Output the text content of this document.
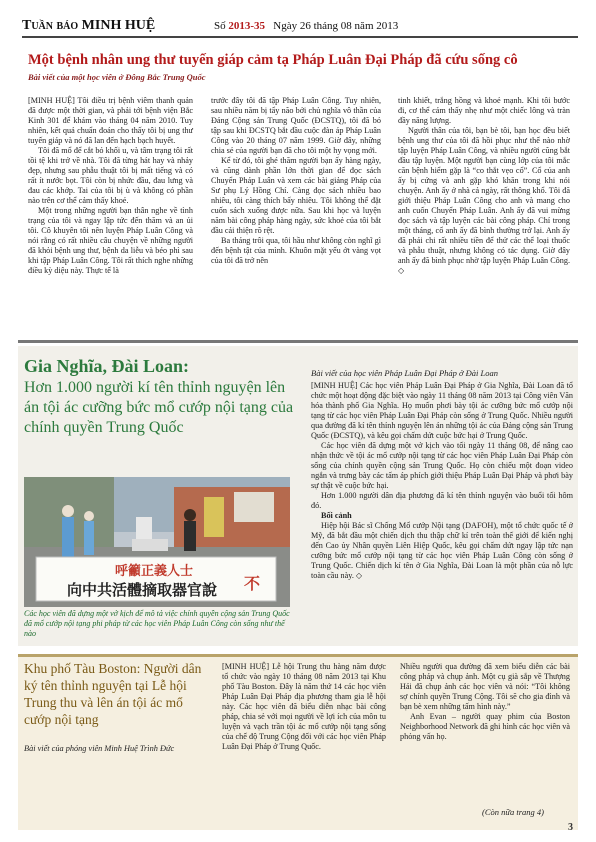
Tuần báo MINH HUỆ	Số 2013-35 Ngày 26 tháng 08 năm 2013
Một bệnh nhân ung thư tuyến giáp cảm tạ Pháp Luân Đại Pháp đã cứu sống cô
Bài viết của một học viên ở Đông Bắc Trung Quốc

[MINH HUỆ] Tôi điều trị bệnh viêm thanh quản đã được một thời gian, và phải tới bệnh viện Bắc Kinh 301 để khám vào tháng 04 năm 2010. Tuy nhiên, kết quả chuẩn đoán cho thấy tôi bị ung thư tuyến giáp và nó đã lan đến hạch bạch huyết.

Tôi đã mổ để cắt bỏ khối u, và tâm trạng tôi rất tồi tệ khi trở về nhà. Tôi đã từng hát hay và nhảy đẹp, nhưng sau phẫu thuật tôi bị mất tiếng và có rất ít nước bọt. Tôi còn bị nhức đầu, đau lưng và đau các khớp. Tai của tôi bị ù và không có phần nào trên cơ thể cảm thấy khoẻ.

Một trong những người bạn thân nghe về tình trạng của tôi và ngay lập tức đến thăm và an ủi tôi. Cô khuyên tôi nên luyện Pháp Luân Công và nói rằng có rất nhiều câu chuyện về những người đã khỏi bệnh ung thư, bệnh da liễu và béo phì sau khi tập Pháp Luân Công. Tôi rất thích nghe những điều kỳ diệu này. Thực tế là

trước đây tôi đã tập Pháp Luân Công. Tuy nhiên, sau nhiều năm bị tẩy não bởi chủ nghĩa vô thần của Đảng Cộng sản Trung Quốc (ĐCSTQ), tôi đã bỏ tập sau khi ĐCSTQ bắt đầu cuộc đàn áp Pháp Luân Công vào 20 tháng 07 năm 1999. Giờ đây, những chia sẻ của người bạn đã cho tôi một hy vọng mới.

Kể từ đó, tôi ghé thăm người bạn ấy hàng ngày, và cũng dành phần lớn thời gian để đọc sách Chuyển Pháp Luân và xem các bài giảng Pháp của Sư phụ Lý Hồng Chí. Càng đọc sách nhiều bao nhiêu, tôi càng thích bấy nhiêu. Tôi không thể đặt cuốn sách xuống được nữa. Sau khi học và luyện năm bài công pháp hàng ngày, sức khoẻ của tôi bắt đầu cải thiện rõ rệt.

Ba tháng trôi qua, tôi hầu như không còn nghĩ gì đến bệnh tật của mình. Khuôn mặt yếu ớt vàng vọt của tôi đã trở nên

tinh khiết, trắng hồng và khoẻ mạnh. Khi tôi bước đi, cơ thể cảm thấy nhẹ như một chiếc lông và tràn đầy năng lượng.

Người thân của tôi, bạn bè tôi, bạn học đều biết bệnh ung thư của tôi đã hồi phục như thế nào nhờ tập luyện Pháp Luân Công, và nhiều người cũng bắt đầu tập luyện. Một người bạn cùng lớp của tôi mắc căn bệnh hiểm gặp là “co thắt vẹo cổ”. Cổ của anh ấy bị cứng và anh gặp khó khăn trong khi nói chuyện. Anh ấy ở nhà cả ngày, rất thông khổ. Tôi đã giới thiệu Pháp Luân Công cho anh và mang cho anh cuốn Chuyển Pháp Luân. Anh ấy đã vui mừng đọc sách và tập luyện các bài công pháp. Chỉ trong một tháng, cổ anh ấy đã bình thường trở lại. Anh ấy đã phải chi rất nhiều tiền để thử các thể loại thuốc và phẫu thuật, nhưng không có tác dụng. Giờ đây anh ấy đã bình phục nhờ tập luyện Pháp Luân Công. ◇

Gia Nghĩa, Đài Loan:
Hơn 1.000 người kí tên thỉnh nguyện lên án tội ác cưỡng bức mổ cướp nội tạng của chính quyền Trung Quốc
Bài viết của học viên Pháp Luân Đại Pháp ở Đài Loan
呼籲正義人士
向中共活體摘取器官說 不
Các học viên đã dựng một vở kịch để mô tả việc chính quyền cộng sản Trung Quốc đã mổ cướp nội tạng phi pháp từ các học viên Pháp Luân Công còn sống như thế nào

[MINH HUỆ] Các học viên Pháp Luân Đại Pháp ở Gia Nghĩa, Đài Loan đã tổ chức một hoạt động đặc biệt vào ngày 11 tháng 08 năm 2013 tại Công viên Văn hóa thành phố Gia Nghĩa. Họ muốn phơi bày tội ác cưỡng bức mổ cướp nội tạng từ các học viên Pháp Luân Đại Pháp còn sống ở Trung Quốc. Nhiều người qua đường đã kí tên thỉnh nguyện lên án những tội ác của Đảng cộng sản Trung Quốc (ĐCSTQ), và kêu gọi chấm dứt cuộc bức hại ở Trung Quốc.

Các học viên đã dựng một vở kịch vào tối ngày 11 tháng 08, để nâng cao nhận thức về tội ác mổ cướp nội tạng từ các học viên Pháp Luân Đại Pháp còn sống của chính quyền cộng sản Trung Quốc. Họ còn chiếu một đoạn video ngắn và trưng bày các tấm áp phích giới thiệu Pháp Luân Đại Pháp và phơi bày sự thật về cuộc bức hại.

Hơn 1.000 người dân địa phương đã kí tên thỉnh nguyện vào buổi tối hôm đó.

Bối cảnh

Hiệp hội Bác sĩ Chống Mổ cướp Nội tạng (DAFOH), một tổ chức quốc tế ở Mỹ, đã bắt đầu một chiến dịch thu thập chữ kí trên toàn thế giới để kiến nghị đến Cao ủy Nhân quyền Liên Hiệp Quốc, kêu gọi chấm dứt ngay lập tức nạn cưỡng bức mổ cướp nội tạng từ các học viên Pháp Luân Công còn sống ở Trung Quốc. Chiến dịch kí tên ở Gia Nghĩa, Đài Loan là một phần của nỗ lực toàn cầu này. ◇

Khu phố Tàu Boston: Người dân ký tên thỉnh nguyện tại Lễ hội Trung thu và lên án tội ác mổ cướp nội tạng
Bài viết của phóng viên Minh Huệ Trình Đức

[MINH HUỆ] Lễ hội Trung thu hàng năm được tổ chức vào ngày 10 tháng 08 năm 2013 tại Khu phố Tàu Boston. Đây là năm thứ 14 các học viên Pháp Luân Đại Pháp địa phương tham gia lễ hội này. Các học viên đã biểu diễn nhạc bài công pháp, chia sẻ với mọi người về lợi ích của môn tu luyện và vạch trần tội ác mổ cướp nội tạng sống của chế độ Trung Cộng đối với các học viên Pháp Luân Đại Pháp ở Trung Quốc.

Nhiều người qua đường đã xem biểu diễn các bài công pháp và chụp ảnh. Một cụ già sắp về Thượng Hải đã chụp ảnh các học viên và nói: “Tôi không sợ chính quyền Trung Cộng. Tôi sẽ cho gia đình và bạn bè xem những tấm hình này.”

Anh Evan – người quay phim của Boston Neighborhood Network đã ghi hình các học viên và phỏng vấn họ.

(Còn nữa trang 4)
3
